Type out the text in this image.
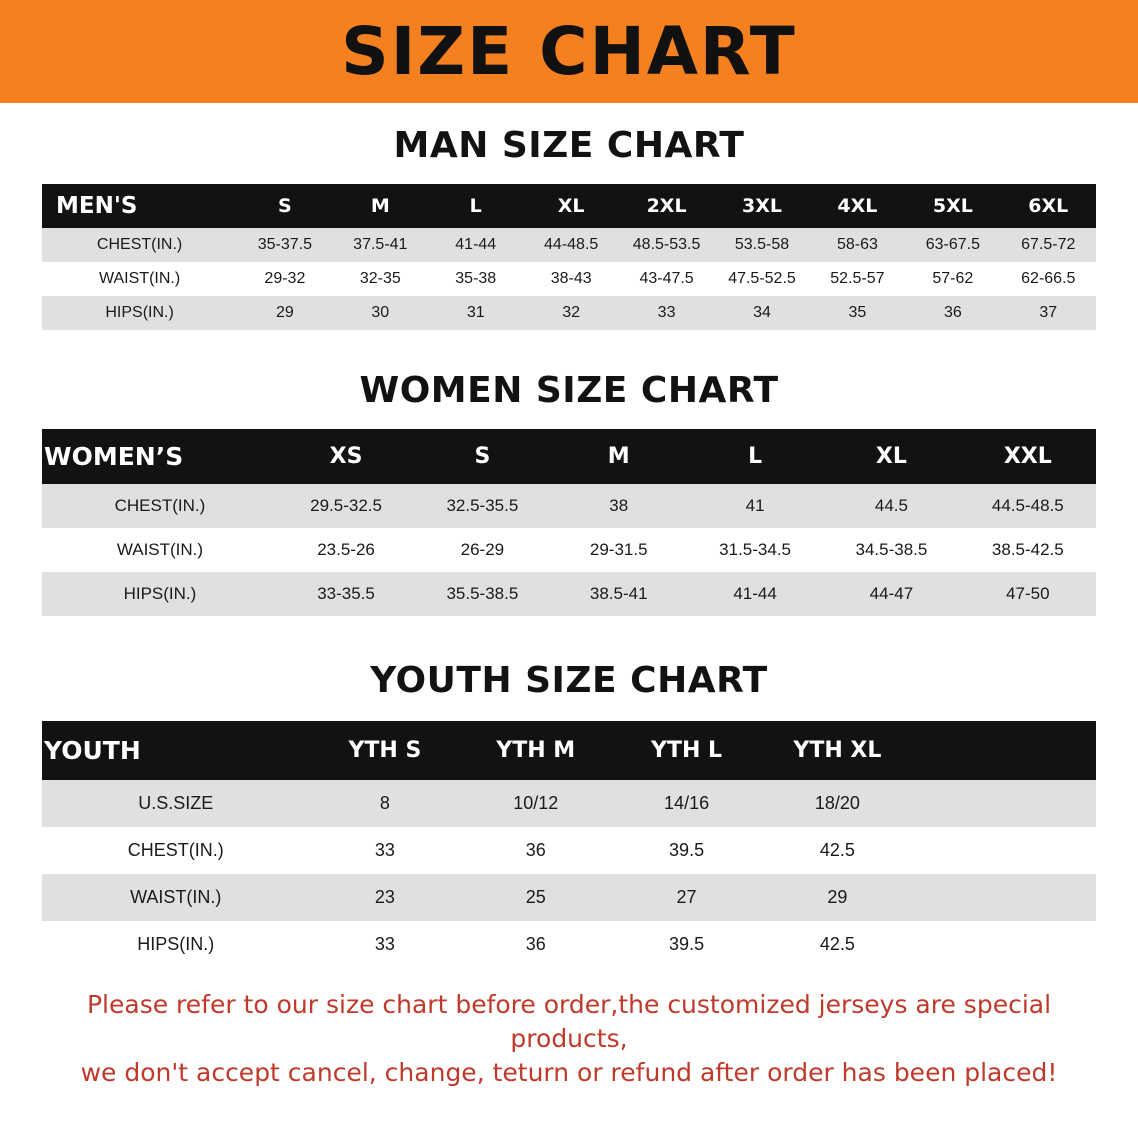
SIZE CHART
MAN SIZE CHART
MEN'S	S	M	L	XL	2XL	3XL	4XL	5XL	6XL
CHEST(IN.)	35-37.5	37.5-41	41-44	44-48.5	48.5-53.5	53.5-58	58-63	63-67.5	67.5-72
WAIST(IN.)	29-32	32-35	35-38	38-43	43-47.5	47.5-52.5	52.5-57	57-62	62-66.5
HIPS(IN.)	29	30	31	32	33	34	35	36	37
WOMEN SIZE CHART
WOMEN’S	XS	S	M	L	XL	XXL
CHEST(IN.)	29.5-32.5	32.5-35.5	38	41	44.5	44.5-48.5
WAIST(IN.)	23.5-26	26-29	29-31.5	31.5-34.5	34.5-38.5	38.5-42.5
HIPS(IN.)	33-35.5	35.5-38.5	38.5-41	41-44	44-47	47-50
YOUTH SIZE CHART
YOUTH	YTH S	YTH M	YTH L	YTH XL	
U.S.SIZE	8	10/12	14/16	18/20	
CHEST(IN.)	33	36	39.5	42.5	
WAIST(IN.)	23	25	27	29	
HIPS(IN.)	33	36	39.5	42.5	
Please refer to our size chart before order,the customized jerseys are special products,
we don't accept cancel, change, teturn or refund after order has been placed!
